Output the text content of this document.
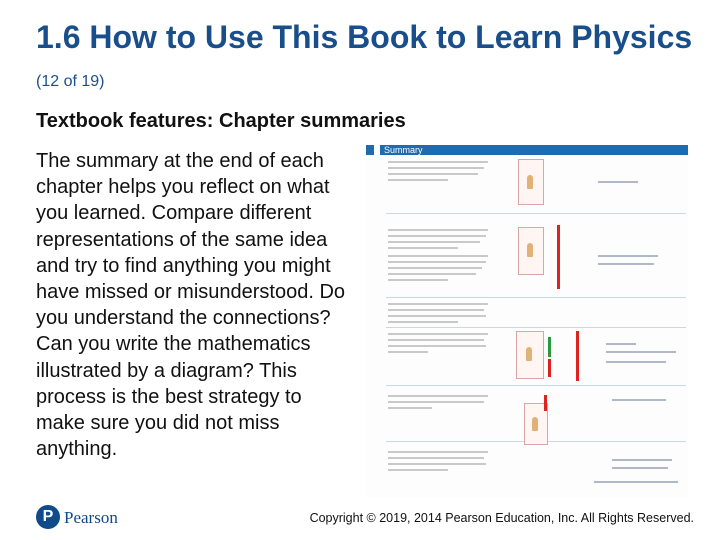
1.6 How to Use This Book to Learn Physics (12 of 19)
Textbook features: Chapter summaries
The summary at the end of each chapter helps you reflect on what you learned. Compare different representations of the same idea and try to find anything you might have missed or misunderstood. Do you understand the connections? Can you write the mathematics illustrated by a diagram? This process is the best strategy to make sure you did not miss anything.
Summary
P Pearson	Copyright © 2019, 2014 Pearson Education, Inc. All Rights Reserved.
